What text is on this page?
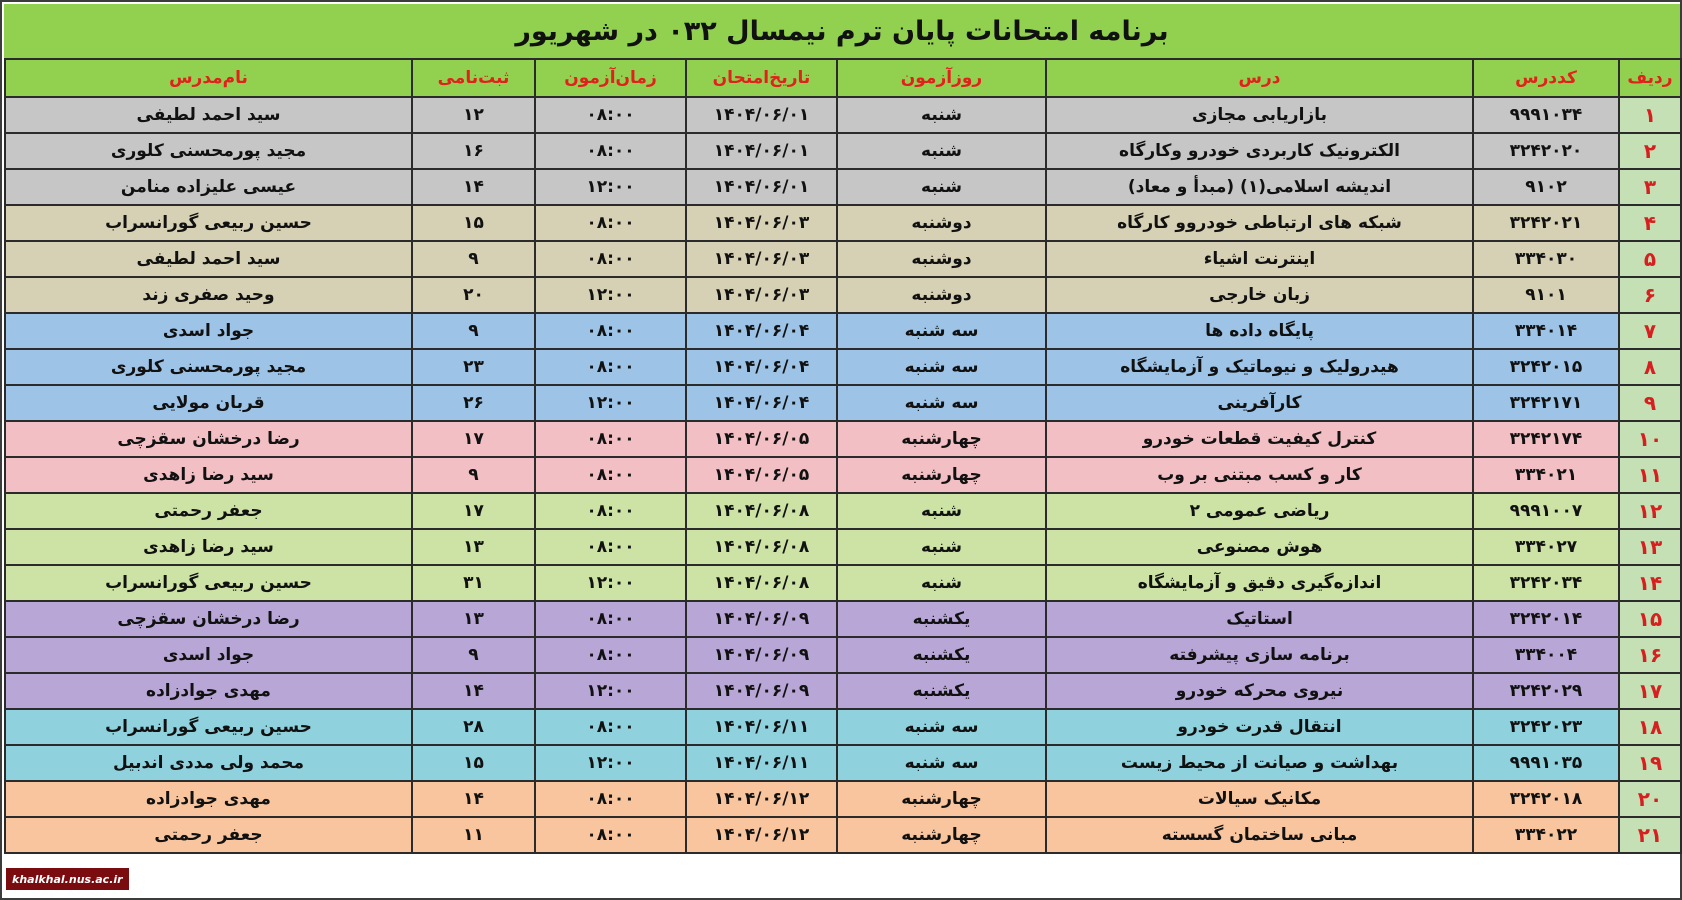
برنامه امتحانات پایان ترم نیمسال ۰۳۲ در شهریور
ردیف	کددرس	درس	روزآزمون	تاریخ‌امتحان	زمان‌آزمون	ثبت‌نامی	نام‌مدرس
۱	۹۹۹۱۰۳۴	بازاریابی مجازی	شنبه	۱۴۰۴/۰۶/۰۱	۰۸:۰۰	۱۲	سید احمد لطیفی
۲	۳۲۴۲۰۲۰	الکترونیک کاربردی خودرو وکارگاه	شنبه	۱۴۰۴/۰۶/۰۱	۰۸:۰۰	۱۶	مجید پورمحسنی کلوری
۳	۹۱۰۲	اندیشه اسلامی(۱) (مبدأ و معاد)	شنبه	۱۴۰۴/۰۶/۰۱	۱۲:۰۰	۱۴	عیسی علیزاده منامن
۴	۳۲۴۲۰۲۱	شبکه های ارتباطی خودروو کارگاه	دوشنبه	۱۴۰۴/۰۶/۰۳	۰۸:۰۰	۱۵	حسین ربیعی گورانسراب
۵	۳۳۴۰۳۰	اینترنت اشیاء	دوشنبه	۱۴۰۴/۰۶/۰۳	۰۸:۰۰	۹	سید احمد لطیفی
۶	۹۱۰۱	زبان خارجی	دوشنبه	۱۴۰۴/۰۶/۰۳	۱۲:۰۰	۲۰	وحید صفری زند
۷	۳۳۴۰۱۴	پایگاه داده ها	سه شنبه	۱۴۰۴/۰۶/۰۴	۰۸:۰۰	۹	جواد اسدی
۸	۳۲۴۲۰۱۵	هیدرولیک و نیوماتیک و آزمایشگاه	سه شنبه	۱۴۰۴/۰۶/۰۴	۰۸:۰۰	۲۳	مجید پورمحسنی کلوری
۹	۳۲۴۲۱۷۱	کارآفرینی	سه شنبه	۱۴۰۴/۰۶/۰۴	۱۲:۰۰	۲۶	قربان مولایی
۱۰	۳۲۴۲۱۷۴	کنترل کیفیت قطعات خودرو	چهارشنبه	۱۴۰۴/۰۶/۰۵	۰۸:۰۰	۱۷	رضا درخشان سقزچی
۱۱	۳۳۴۰۲۱	کار و کسب مبتنی بر وب	چهارشنبه	۱۴۰۴/۰۶/۰۵	۰۸:۰۰	۹	سید رضا زاهدی
۱۲	۹۹۹۱۰۰۷	ریاضی عمومی ۲	شنبه	۱۴۰۴/۰۶/۰۸	۰۸:۰۰	۱۷	جعفر رحمتی
۱۳	۳۳۴۰۲۷	هوش مصنوعی	شنبه	۱۴۰۴/۰۶/۰۸	۰۸:۰۰	۱۳	سید رضا زاهدی
۱۴	۳۲۴۲۰۳۴	اندازه‌گیری دقیق و آزمایشگاه	شنبه	۱۴۰۴/۰۶/۰۸	۱۲:۰۰	۳۱	حسین ربیعی گورانسراب
۱۵	۳۲۴۲۰۱۴	استاتیک	یکشنبه	۱۴۰۴/۰۶/۰۹	۰۸:۰۰	۱۳	رضا درخشان سقزچی
۱۶	۳۳۴۰۰۴	برنامه سازی پیشرفته	یکشنبه	۱۴۰۴/۰۶/۰۹	۰۸:۰۰	۹	جواد اسدی
۱۷	۳۲۴۲۰۲۹	نیروی محرکه خودرو	یکشنبه	۱۴۰۴/۰۶/۰۹	۱۲:۰۰	۱۴	مهدی جوادزاده
۱۸	۳۲۴۲۰۲۳	انتقال قدرت خودرو	سه شنبه	۱۴۰۴/۰۶/۱۱	۰۸:۰۰	۲۸	حسین ربیعی گورانسراب
۱۹	۹۹۹۱۰۳۵	بهداشت و صیانت از محیط زیست	سه شنبه	۱۴۰۴/۰۶/۱۱	۱۲:۰۰	۱۵	محمد ولی مددی اندبیل
۲۰	۳۲۴۲۰۱۸	مکانیک سیالات	چهارشنبه	۱۴۰۴/۰۶/۱۲	۰۸:۰۰	۱۴	مهدی جوادزاده
۲۱	۳۳۴۰۲۲	مبانی ساختمان گسسته	چهارشنبه	۱۴۰۴/۰۶/۱۲	۰۸:۰۰	۱۱	جعفر رحمتی
khalkhal.nus.ac.ir
